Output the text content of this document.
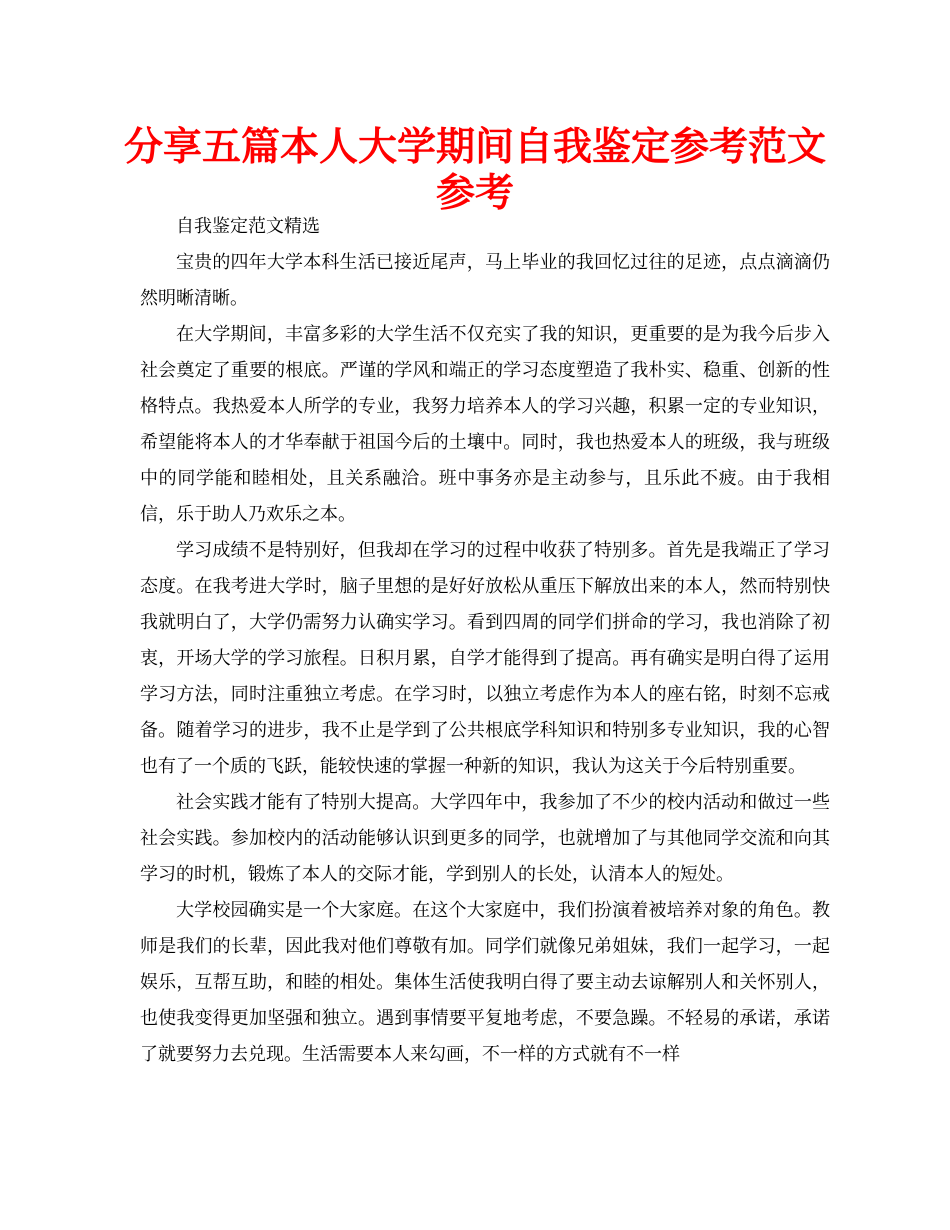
分享五篇本人大学期间自我鉴定参考范文
参考

自我鉴定范文精选

宝贵的四年大学本科生活已接近尾声，马上毕业的我回忆过往的足迹，点点滴滴仍然明晰清晰。

在大学期间，丰富多彩的大学生活不仅充实了我的知识，更重要的是为我今后步入社会奠定了重要的根底。严谨的学风和端正的学习态度塑造了我朴实、稳重、创新的性格特点。我热爱本人所学的专业，我努力培养本人的学习兴趣，积累一定的专业知识，希望能将本人的才华奉献于祖国今后的土壤中。同时，我也热爱本人的班级，我与班级中的同学能和睦相处，且关系融洽。班中事务亦是主动参与，且乐此不疲。由于我相信，乐于助人乃欢乐之本。

学习成绩不是特别好，但我却在学习的过程中收获了特别多。首先是我端正了学习态度。在我考进大学时，脑子里想的是好好放松从重压下解放出来的本人，然而特别快我就明白了，大学仍需努力认确实学习。看到四周的同学们拼命的学习，我也消除了初衷，开场大学的学习旅程。日积月累，自学才能得到了提高。再有确实是明白得了运用学习方法，同时注重独立考虑。在学习时，以独立考虑作为本人的座右铭，时刻不忘戒备。随着学习的进步，我不止是学到了公共根底学科知识和特别多专业知识，我的心智也有了一个质的飞跃，能较快速的掌握一种新的知识，我认为这关于今后特别重要。

社会实践才能有了特别大提高。大学四年中，我参加了不少的校内活动和做过一些社会实践。参加校内的活动能够认识到更多的同学，也就增加了与其他同学交流和向其学习的时机，锻炼了本人的交际才能，学到别人的长处，认清本人的短处。

大学校园确实是一个大家庭。在这个大家庭中，我们扮演着被培养对象的角色。教师是我们的长辈，因此我对他们尊敬有加。同学们就像兄弟姐妹，我们一起学习，一起娱乐，互帮互助，和睦的相处。集体生活使我明白得了要主动去谅解别人和关怀别人，也使我变得更加坚强和独立。遇到事情要平复地考虑，不要急躁。不轻易的承诺，承诺了就要努力去兑现。生活需要本人来勾画，不一样的方式就有不一样
